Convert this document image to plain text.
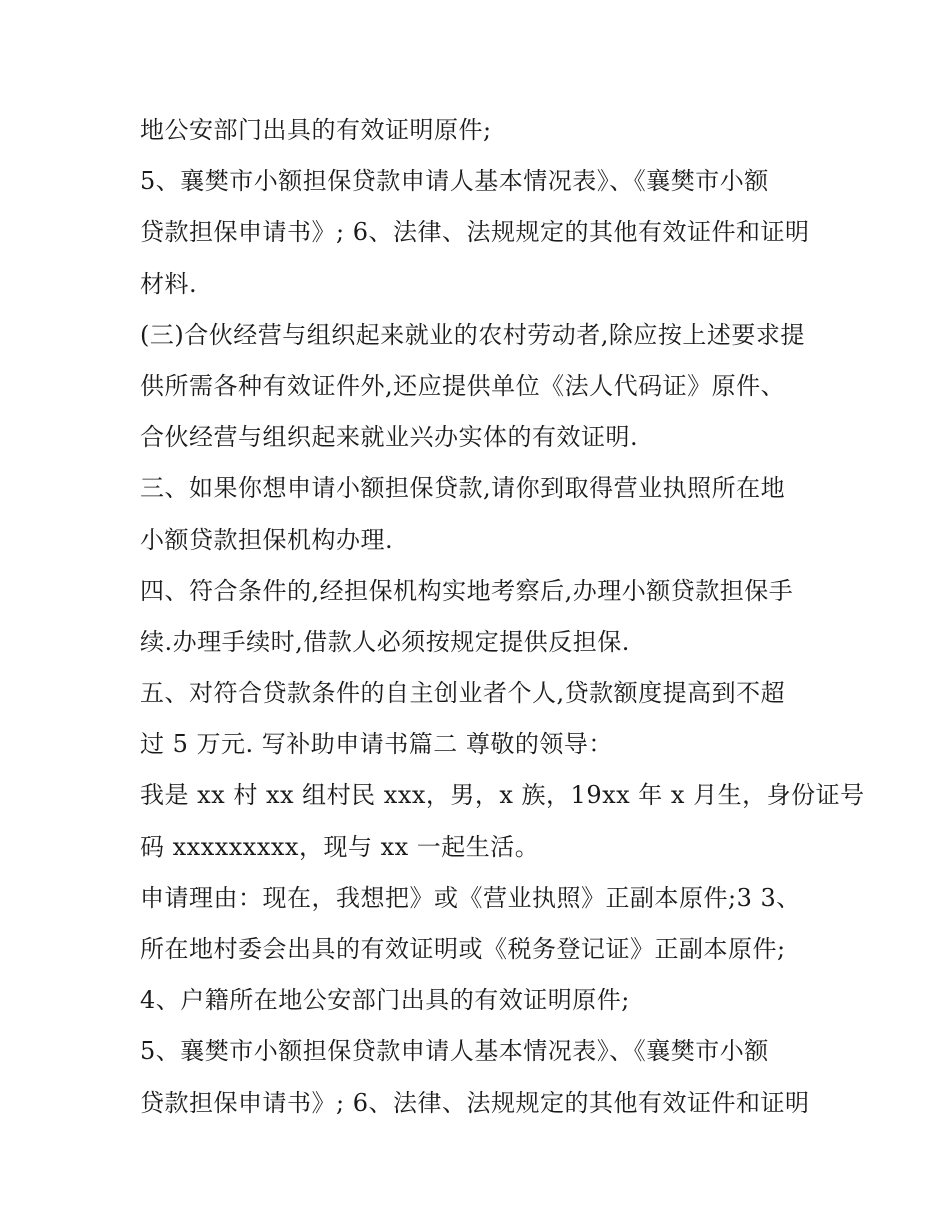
地公安部门出具的有效证明原件;
5、襄樊市小额担保贷款申请人基本情况表》、《襄樊市小额
贷款担保申请书》; 6、法律、法规规定的其他有效证件和证明
材料.
(三)合伙经营与组织起来就业的农村劳动者,除应按上述要求提
供所需各种有效证件外,还应提供单位《法人代码证》原件、
合伙经营与组织起来就业兴办实体的有效证明.
三、如果你想申请小额担保贷款,请你到取得营业执照所在地
小额贷款担保机构办理.
四、符合条件的,经担保机构实地考察后,办理小额贷款担保手
续.办理手续时,借款人必须按规定提供反担保.
五、对符合贷款条件的自主创业者个人,贷款额度提高到不超
过 5 万元. 写补助申请书篇二 尊敬的领导：
我是 xx 村 xx 组村民 xxx，男，x 族，19xx 年 x 月生，身份证号
码 xxxxxxxxx，现与 xx 一起生活。
申请理由：现在，我想把》或《营业执照》正副本原件;3 3、
所在地村委会出具的有效证明或《税务登记证》正副本原件;
4、户籍所在地公安部门出具的有效证明原件;
5、襄樊市小额担保贷款申请人基本情况表》、《襄樊市小额
贷款担保申请书》; 6、法律、法规规定的其他有效证件和证明
